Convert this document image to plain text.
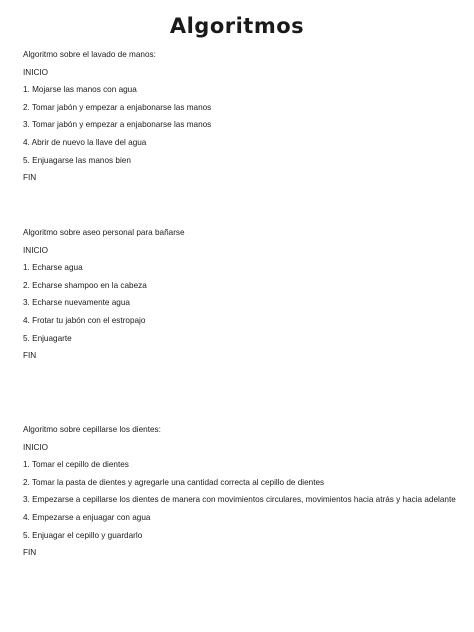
Algoritmos
Algoritmo sobre el lavado de manos:
INICIO
1. Mojarse las manos con agua
2. Tomar jabón y empezar a enjabonarse las manos
3. Tomar jabón y empezar a enjabonarse las manos
4. Abrir de nuevo la llave del agua
5. Enjuagarse las manos bien
FIN
Algoritmo sobre aseo personal para bañarse
INICIO
1. Echarse agua
2. Echarse shampoo en la cabeza
3. Echarse nuevamente agua
4. Frotar tu jabón con el estropajo
5. Enjuagarte
FIN
Algoritmo sobre cepillarse los dientes:
INICIO
1. Tomar el cepillo de dientes
2. Tomar la pasta de dientes y agregarle una cantidad correcta al cepillo de dientes
3. Empezarse a cepillarse los dientes de manera con movimientos circulares, movimientos hacia atrás y hacia adelante
4. Empezarse a enjuagar con agua
5. Enjuagar el cepillo y guardarlo
FIN
